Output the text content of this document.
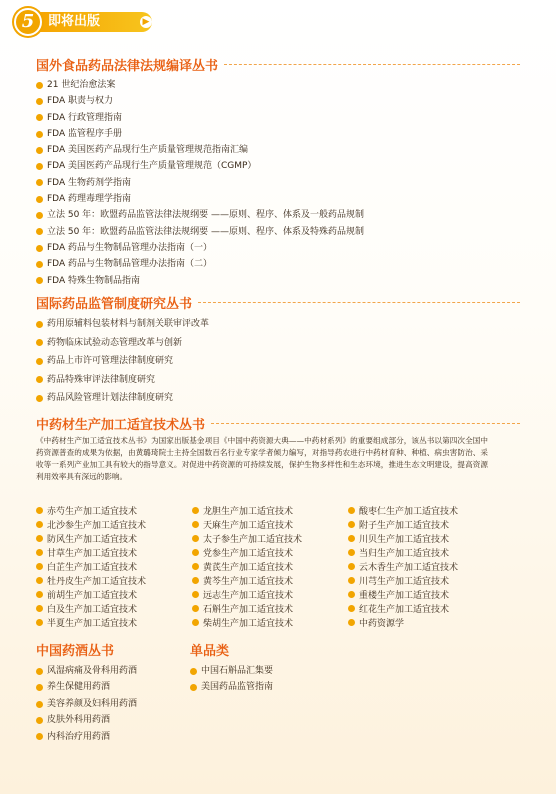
即将出版
5	▶
国外食品药品法律法规编译丛书
21 世纪治愈法案
FDA 职责与权力
FDA 行政管理指南
FDA 监管程序手册
FDA 美国医药产品现行生产质量管理规范指南汇编
FDA 美国医药产品现行生产质量管理规范（CGMP）
FDA 生物药剂学指南
FDA 药理毒理学指南
立法 50 年：欧盟药品监管法律法规纲要 ——原则、程序、体系及一般药品规制
立法 50 年：欧盟药品监管法律法规纲要 ——原则、程序、体系及特殊药品规制
FDA 药品与生物制品管理办法指南（一）
FDA 药品与生物制品管理办法指南（二）
FDA 特殊生物制品指南
国际药品监管制度研究丛书
药用原辅料包装材料与制剂关联审评改革
药物临床试验动态管理改革与创新
药品上市许可管理法律制度研究
药品特殊审评法律制度研究
药品风险管理计划法律制度研究
中药材生产加工适宜技术丛书
《中药材生产加工适宜技术丛书》为国家出版基金项目《中国中药资源大典——中药材系列》的重要组成部分，该丛书以第四次全国中药资源普查的成果为依据，由黄璐琦院士主持全国数百名行业专家学者倾力编写，对指导药农进行中药材育种、种植、病虫害防治、采收等一系列产业加工具有较大的指导意义。对促进中药资源的可持续发展，保护生物多样性和生态环境，推进生态文明建设，提高资源利用效率具有深远的影响。
赤芍生产加工适宜技术
北沙参生产加工适宜技术
防风生产加工适宜技术
甘草生产加工适宜技术
白芷生产加工适宜技术
牡丹皮生产加工适宜技术
前胡生产加工适宜技术
白及生产加工适宜技术
半夏生产加工适宜技术
龙胆生产加工适宜技术
天麻生产加工适宜技术
太子参生产加工适宜技术
党参生产加工适宜技术
黄芪生产加工适宜技术
黄芩生产加工适宜技术
远志生产加工适宜技术
石斛生产加工适宜技术
柴胡生产加工适宜技术
酸枣仁生产加工适宜技术
附子生产加工适宜技术
川贝生产加工适宜技术
当归生产加工适宜技术
云木香生产加工适宜技术
川芎生产加工适宜技术
重楼生产加工适宜技术
红花生产加工适宜技术
中药资源学
中国药酒丛书
风湿病痛及骨科用药酒
养生保健用药酒
美容养颜及妇科用药酒
皮肤外科用药酒
内科治疗用药酒
单品类
中国石斛品汇集要
美国药品监管指南
